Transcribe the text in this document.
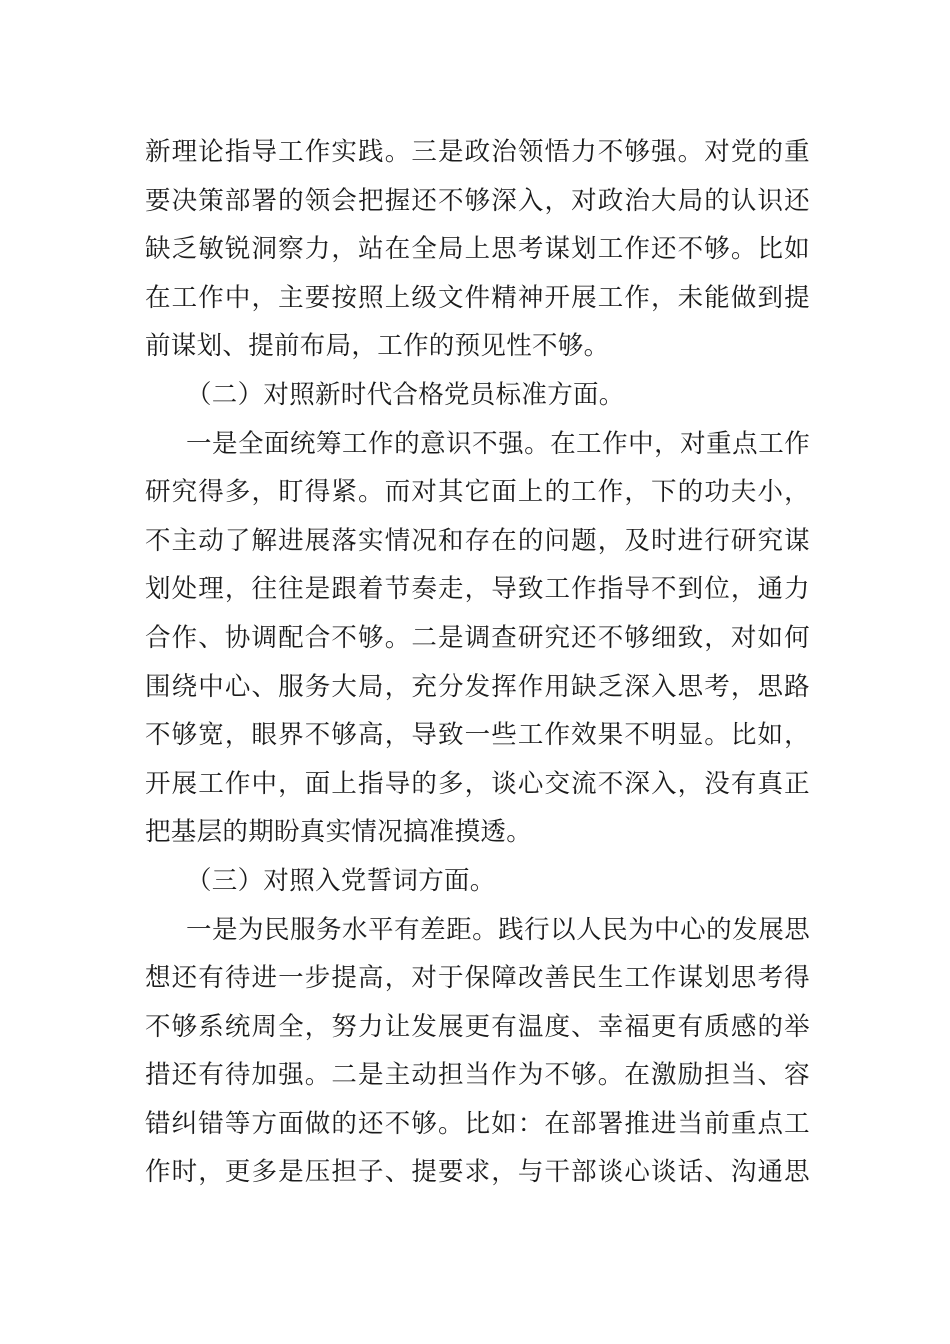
新理论指导工作实践。三是政治领悟力不够强。对党的重
要决策部署的领会把握还不够深入，对政治大局的认识还
缺乏敏锐洞察力，站在全局上思考谋划工作还不够。比如
在工作中，主要按照上级文件精神开展工作，未能做到提
前谋划、提前布局，工作的预见性不够。
（二）对照新时代合格党员标准方面。
一是全面统筹工作的意识不强。在工作中，对重点工作
研究得多，盯得紧。而对其它面上的工作，下的功夫小，
不主动了解进展落实情况和存在的问题，及时进行研究谋
划处理，往往是跟着节奏走，导致工作指导不到位，通力
合作、协调配合不够。二是调查研究还不够细致，对如何
围绕中心、服务大局，充分发挥作用缺乏深入思考，思路
不够宽，眼界不够高，导致一些工作效果不明显。比如，
开展工作中，面上指导的多，谈心交流不深入，没有真正
把基层的期盼真实情况搞准摸透。
（三）对照入党誓词方面。
一是为民服务水平有差距。践行以人民为中心的发展思
想还有待进一步提高，对于保障改善民生工作谋划思考得
不够系统周全，努力让发展更有温度、幸福更有质感的举
措还有待加强。二是主动担当作为不够。在激励担当、容
错纠错等方面做的还不够。比如：在部署推进当前重点工
作时，更多是压担子、提要求，与干部谈心谈话、沟通思
